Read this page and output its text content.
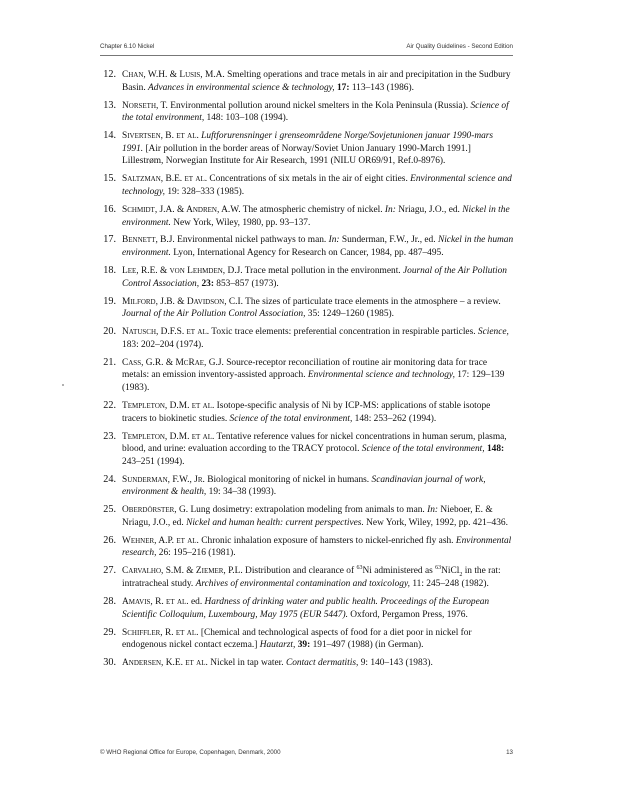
Chapter 6.10 Nickel	Air Quality Guidelines - Second Edition
12. Chan, W.H. & Lusis, M.A. Smelting operations and trace metals in air and precipitation in the Sudbury Basin. Advances in environmental science & technology, 17: 113–143 (1986).
13. Norseth, T. Environmental pollution around nickel smelters in the Kola Peninsula (Russia). Science of the total environment, 148: 103–108 (1994).
14. Sivertsen, B. et al. Luftforurensninger i grenseområdene Norge/Sovjetunionen januar 1990-mars 1991. [Air pollution in the border areas of Norway/Soviet Union January 1990-March 1991.] Lillestrøm, Norwegian Institute for Air Research, 1991 (NILU OR69/91, Ref.0-8976).
15. Saltzman, B.E. et al. Concentrations of six metals in the air of eight cities. Environmental science and technology, 19: 328–333 (1985).
16. Schmidt, J.A. & Andren, A.W. The atmospheric chemistry of nickel. In: Nriagu, J.O., ed. Nickel in the environment. New York, Wiley, 1980, pp. 93–137.
17. Bennett, B.J. Environmental nickel pathways to man. In: Sunderman, F.W., Jr., ed. Nickel in the human environment. Lyon, International Agency for Research on Cancer, 1984, pp. 487–495.
18. Lee, R.E. & von Lehmden, D.J. Trace metal pollution in the environment. Journal of the Air Pollution Control Association, 23: 853–857 (1973).
19. Milford, J.B. & Davidson, C.I. The sizes of particulate trace elements in the atmosphere – a review. Journal of the Air Pollution Control Association, 35: 1249–1260 (1985).
20. Natusch, D.F.S. et al. Toxic trace elements: preferential concentration in respirable particles. Science, 183: 202–204 (1974).
21. Cass, G.R. & McRae, G.J. Source-receptor reconciliation of routine air monitoring data for trace metals: an emission inventory-assisted approach. Environmental science and technology, 17: 129–139 (1983).
22. Templeton, D.M. et al. Isotope-specific analysis of Ni by ICP-MS: applications of stable isotope tracers to biokinetic studies. Science of the total environment, 148: 253–262 (1994).
23. Templeton, D.M. et al. Tentative reference values for nickel concentrations in human serum, plasma, blood, and urine: evaluation according to the TRACY protocol. Science of the total environment, 148: 243–251 (1994).
24. Sunderman, F.W., Jr. Biological monitoring of nickel in humans. Scandinavian journal of work, environment & health, 19: 34–38 (1993).
25. Oberdörster, G. Lung dosimetry: extrapolation modeling from animals to man. In: Nieboer, E. & Nriagu, J.O., ed. Nickel and human health: current perspectives. New York, Wiley, 1992, pp. 421–436.
26. Wehner, A.P. et al. Chronic inhalation exposure of hamsters to nickel-enriched fly ash. Environmental research, 26: 195–216 (1981).
27. Carvalho, S.M. & Ziemer, P.L. Distribution and clearance of $^{63}$Ni administered as $^{63}$NiCl$_2$ in the rat: intratracheal study. Archives of environmental contamination and toxicology, 11: 245–248 (1982).
28. Amavis, R. et al. ed. Hardness of drinking water and public health. Proceedings of the European Scientific Colloquium, Luxembourg, May 1975 (EUR 5447). Oxford, Pergamon Press, 1976.
29. Schiffler, R. et al. [Chemical and technological aspects of food for a diet poor in nickel for endogenous nickel contact eczema.] Hautarzt, 39: 191–497 (1988) (in German).
30. Andersen, K.E. et al. Nickel in tap water. Contact dermatitis, 9: 140–143 (1983).
© WHO Regional Office for Europe, Copenhagen, Denmark, 2000	13
